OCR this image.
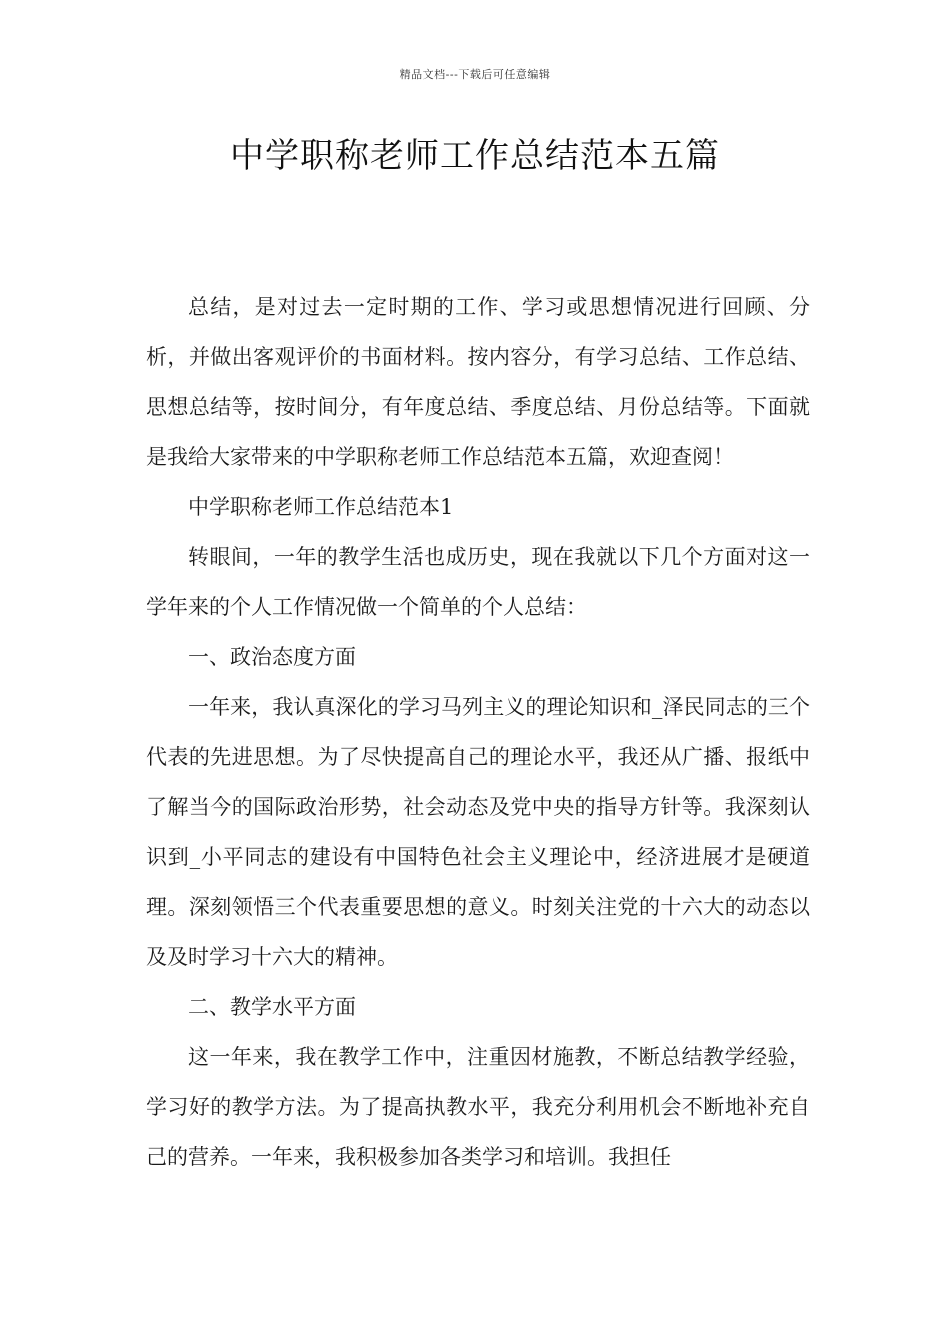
精品文档---下载后可任意编辑
中学职称老师工作总结范本五篇

总结，是对过去一定时期的工作、学习或思想情况进行回顾、分析，并做出客观评价的书面材料。按内容分，有学习总结、工作总结、思想总结等，按时间分，有年度总结、季度总结、月份总结等。下面就是我给大家带来的中学职称老师工作总结范本五篇，欢迎查阅！

中学职称老师工作总结范本1

转眼间，一年的教学生活也成历史，现在我就以下几个方面对这一学年来的个人工作情况做一个简单的个人总结：

一、政治态度方面

一年来，我认真深化的学习马列主义的理论知识和_泽民同志的三个代表的先进思想。为了尽快提高自己的理论水平，我还从广播、报纸中了解当今的国际政治形势，社会动态及党中央的指导方针等。我深刻认识到_小平同志的建设有中国特色社会主义理论中，经济进展才是硬道理。深刻领悟三个代表重要思想的意义。时刻关注党的十六大的动态以及及时学习十六大的精神。

二、教学水平方面

这一年来，我在教学工作中，注重因材施教，不断总结教学经验，学习好的教学方法。为了提高执教水平，我充分利用机会不断地补充自己的营养。一年来，我积极参加各类学习和培训。我担任
